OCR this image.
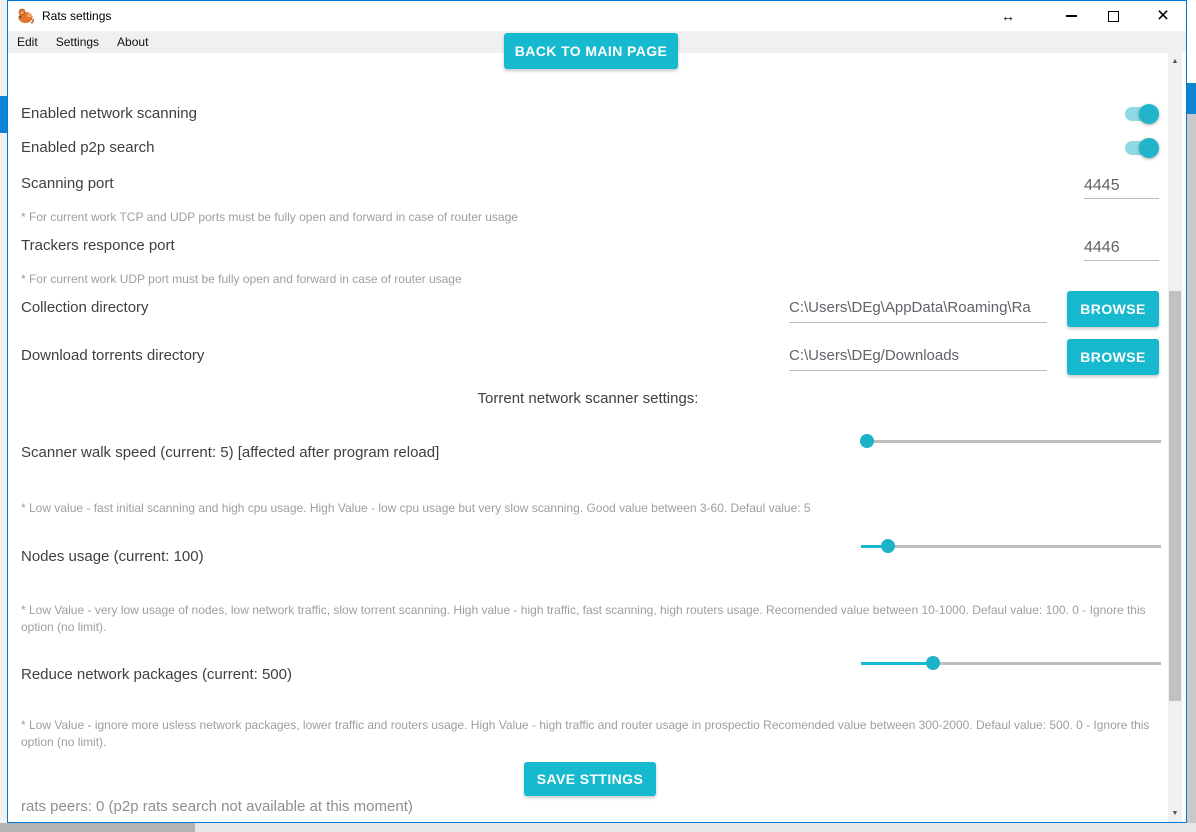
Rats settings	↔	×
Edit	Settings	About
BACK TO MAIN PAGE
Enabled network scanning
Enabled p2p search
Scanning port
4445
* For current work TCP and UDP ports must be fully open and forward in case of router usage
Trackers responce port
4446
* For current work UDP port must be fully open and forward in case of router usage
Collection directory
C:\Users\DEg\AppData\Roaming\Ra	BROWSE
Download torrents directory
C:\Users\DEg/Downloads	BROWSE
Torrent network scanner settings:
Scanner walk speed (current: 5) [affected after program reload]
* Low value - fast initial scanning and high cpu usage. High Value - low cpu usage but very slow scanning. Good value between 3-60. Defaul value: 5
Nodes usage (current: 100)
* Low Value - very low usage of nodes, low network traffic, slow torrent scanning. High value - high traffic, fast scanning, high routers usage. Recomended value between 10-1000. Defaul value: 100. 0 - Ignore this option (no limit).
Reduce network packages (current: 500)
* Low Value - ignore more usless network packages, lower traffic and routers usage. High Value - high traffic and router usage in prospectio Recomended value between 300-2000. Defaul value: 500. 0 - Ignore this option (no limit).
SAVE STTINGS
rats peers: 0 (p2p rats search not available at this moment)
▲
▼
